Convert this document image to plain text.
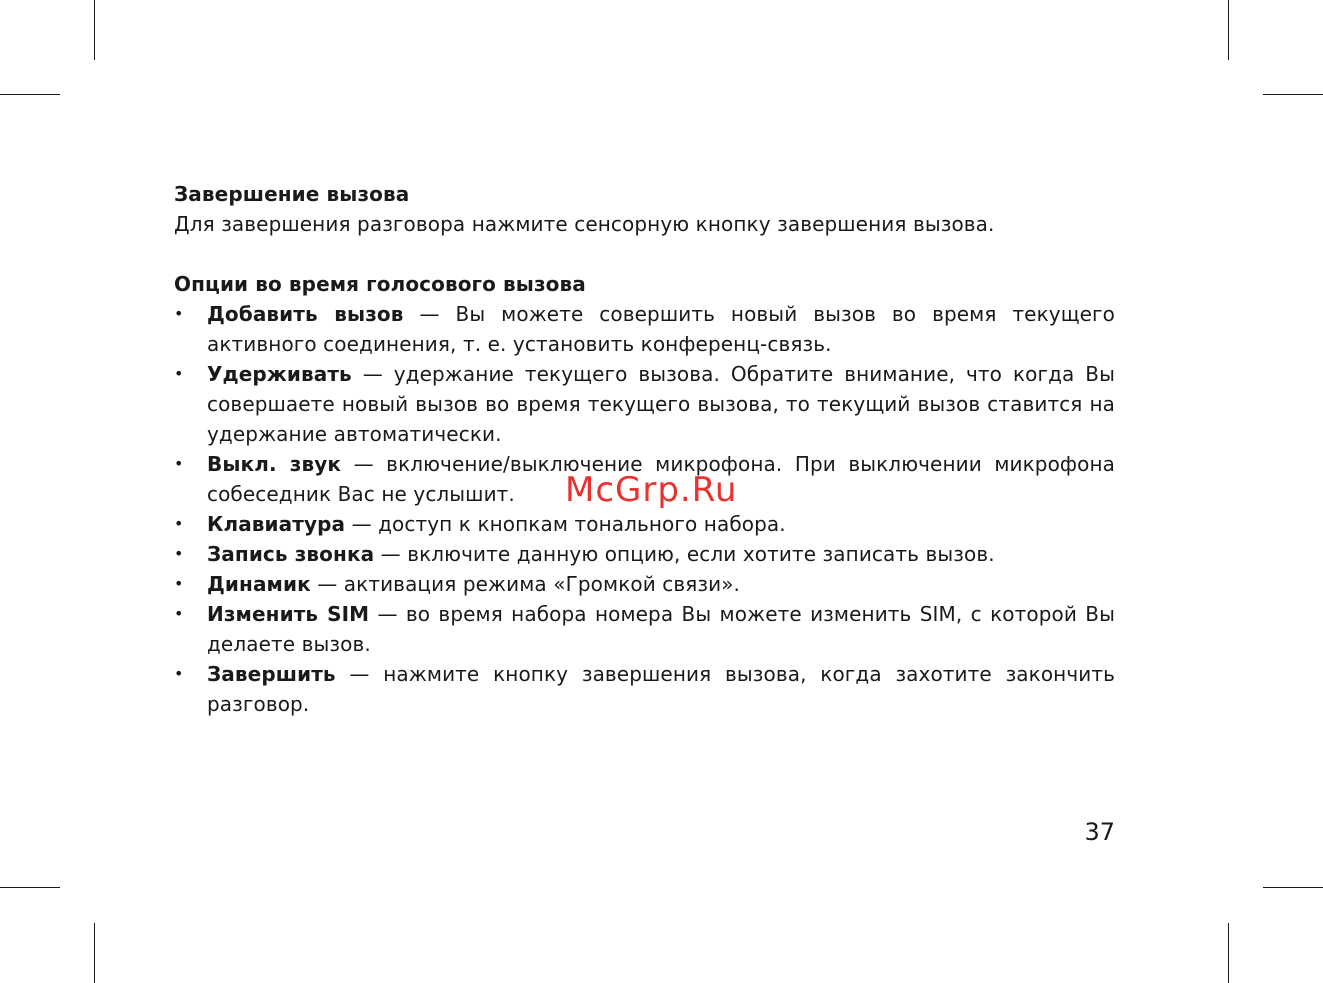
Завершение вызова

Для завершения разговора нажмите сенсорную кнопку завершения вызова.

Опции во время голосового вызова

• Добавить вызов — Вы можете совершить новый вызов во время текущего активного соединения, т. е. установить конференц-связь.
• Удерживать — удержание текущего вызова. Обратите внимание, что когда Вы совершаете новый вызов во время текущего вызова, то текущий вызов ставится на удержание автоматически.
• Выкл. звук — включение/выключение микрофона. При выключении микрофона собеседник Вас не услышит.
• Клавиатура — доступ к кнопкам тонального набора.
• Запись звонка — включите данную опцию, если хотите записать вызов.
• Динамик — активация режима «Громкой связи».
• Изменить SIM — во время набора номера Вы можете изменить SIM, с которой Вы делаете вызов.
• Завершить — нажмите кнопку завершения вызова, когда захотите закончить разговор.
McGrp.Ru
37
